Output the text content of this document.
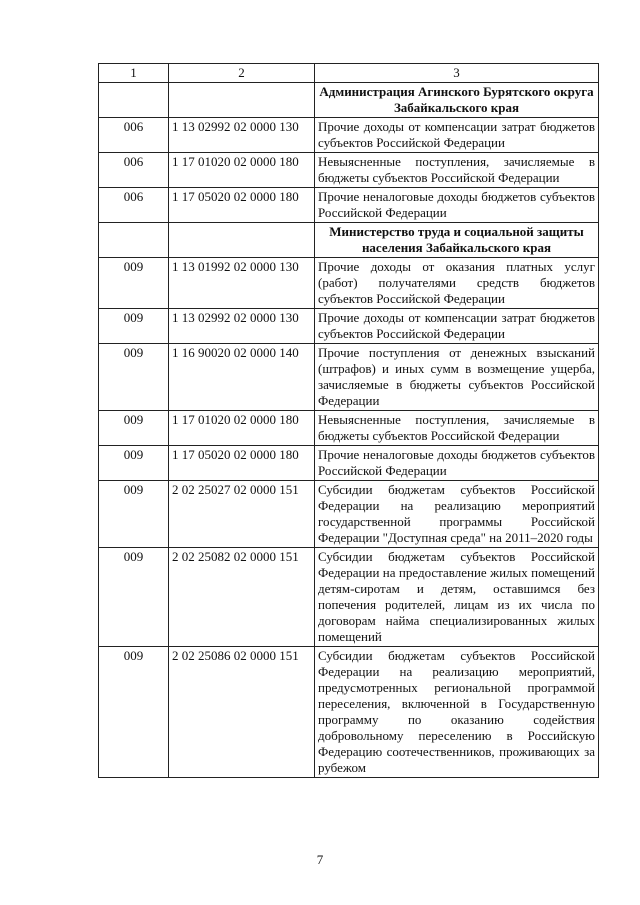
1	2	3
		Администрация Агинского Бурятского округа Забайкальского края
006	1 13 02992 02 0000 130	Прочие доходы от компенсации затрат бюджетов субъектов Российской Федерации
006	1 17 01020 02 0000 180	Невыясненные поступления, зачисляемые в бюджеты субъектов Российской Федерации
006	1 17 05020 02 0000 180	Прочие неналоговые доходы бюджетов субъектов Российской Федерации
		Министерство труда и социальной защиты населения Забайкальского края
009	1 13 01992 02 0000 130	Прочие доходы от оказания платных услуг (работ) получателями средств бюджетов субъектов Российской Федерации
009	1 13 02992 02 0000 130	Прочие доходы от компенсации затрат бюджетов субъектов Российской Федерации
009	1 16 90020 02 0000 140	Прочие поступления от денежных взысканий (штрафов) и иных сумм в возмещение ущерба, зачисляемые в бюджеты субъектов Российской Федерации
009	1 17 01020 02 0000 180	Невыясненные поступления, зачисляемые в бюджеты субъектов Российской Федерации
009	1 17 05020 02 0000 180	Прочие неналоговые доходы бюджетов субъектов Российской Федерации
009	2 02 25027 02 0000 151	Субсидии бюджетам субъектов Российской Федерации на реализацию мероприятий государственной программы Российской Федерации "Доступная среда" на 2011–2020 годы
009	2 02 25082 02 0000 151	Субсидии бюджетам субъектов Российской Федерации на предоставление жилых помещений детям-сиротам и детям, оставшимся без попечения родителей, лицам из их числа по договорам найма специализированных жилых помещений
009	2 02 25086 02 0000 151	Субсидии бюджетам субъектов Российской Федерации на реализацию мероприятий, предусмотренных региональной программой переселения, включенной в Государственную программу по оказанию содействия добровольному переселению в Российскую Федерацию соотечественников, проживающих за рубежом
7
